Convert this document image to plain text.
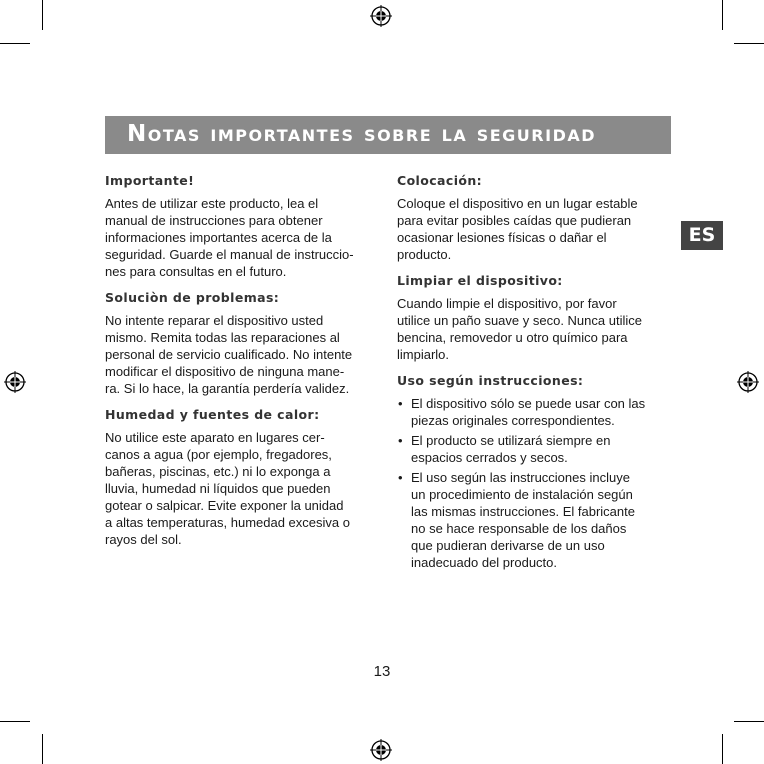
Notas importantes sobre la seguridad
ES
Importante!
Antes de utilizar este producto, lea el
manual de instrucciones para obtener
informaciones importantes acerca de la
seguridad. Guarde el manual de instruccio-
nes para consultas en el futuro.
Soluciòn de problemas:
No intente reparar el dispositivo usted
mismo. Remita todas las reparaciones al
personal de servicio cualificado. No intente
modificar el dispositivo de ninguna mane-
ra. Si lo hace, la garantía perdería validez.
Humedad y fuentes de calor:
No utilice este aparato en lugares cer-
canos a agua (por ejemplo, fregadores,
bañeras, piscinas, etc.) ni lo exponga a
lluvia, humedad ni líquidos que pueden
gotear o salpicar. Evite exponer la unidad
a altas temperaturas, humedad excesiva o
rayos del sol.
Colocación:
Coloque el dispositivo en un lugar estable
para evitar posibles caídas que pudieran
ocasionar lesiones físicas o dañar el
producto.
Limpiar el dispositivo:
Cuando limpie el dispositivo, por favor
utilice un paño suave y seco. Nunca utilice
bencina, removedor u otro químico para
limpiarlo.
Uso según instrucciones:
• El dispositivo sólo se puede usar con las
piezas originales correspondientes.
• El producto se utilizará siempre en
espacios cerrados y secos.
• El uso según las instrucciones incluye
un procedimiento de instalación según
las mismas instrucciones. El fabricante
no se hace responsable de los daños
que pudieran derivarse de un uso
inadecuado del producto.
13
